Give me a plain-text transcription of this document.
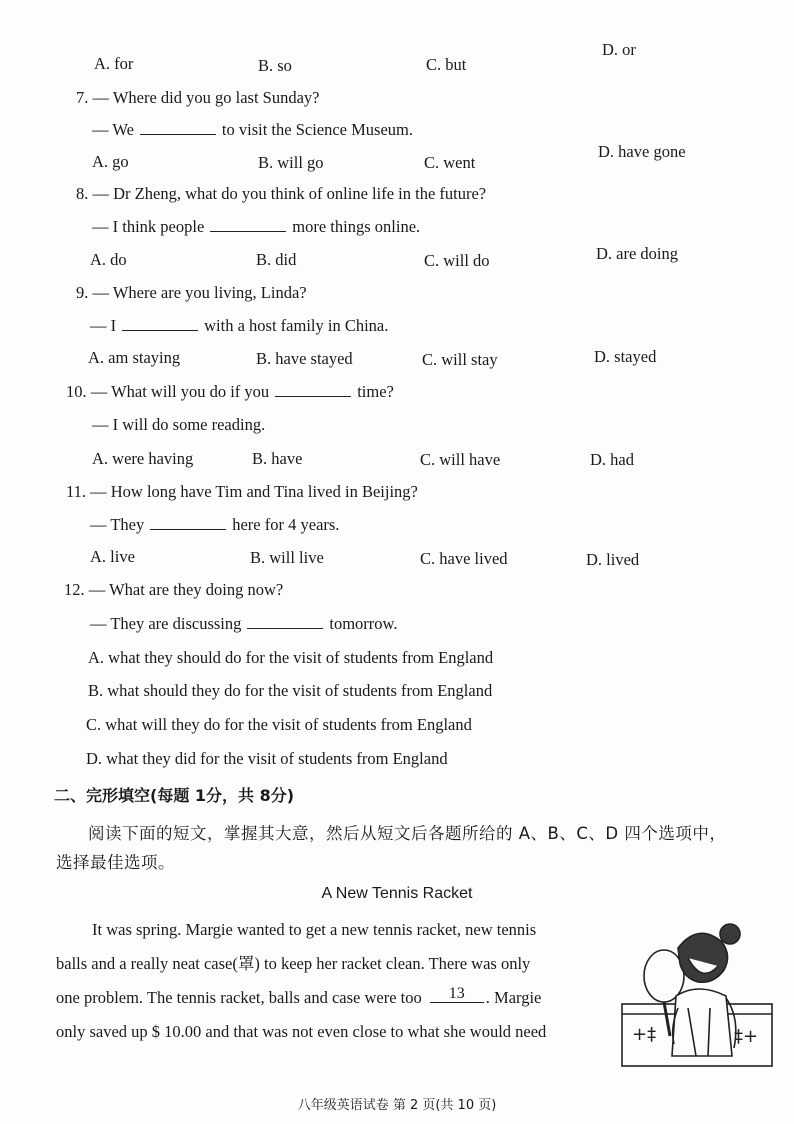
A. for	B. so	C. but
D. or
7. — Where did you go last Sunday?
— We	to visit the Science Museum.
A. go	B. will go	C. went
D. have gone
8. — Dr Zheng, what do you think of online life in the future?
— I think people	more things online.
A. do	B. did	C. will do	D. are doing
9. — Where are you living, Linda?
— I	with a host family in China.
A. am staying	B. have stayed	C. will stay	D. stayed
10. — What will you do if you	time?
— I will do some reading.
A. were having	B. have	C. will have	D. had
11. — How long have Tim and Tina lived in Beijing?
— They	here for 4 years.
A. live	B. will live	C. have lived	D. lived
12. — What are they doing now?
— They are discussing	tomorrow.
A. what they should do for the visit of students from England
B. what should they do for the visit of students from England
C. what will they do for the visit of students from England
D. what they did for the visit of students from England
二、完形填空(每题 1分，共 8分)
阅读下面的短文，掌握其大意，然后从短文后各题所给的 A、B、C、D 四个选项中，
选择最佳选项。
A New Tennis Racket
It was spring. Margie wanted to get a new tennis racket, new tennis
balls and a really neat case(罩) to keep her racket clean. There was only
one problem. The tennis racket, balls and case were too	13	. Margie
only saved up $ 10.00 and that was not even close to what she would need	+‡	‡+
八年级英语试卷 第 2 页(共 10 页)
